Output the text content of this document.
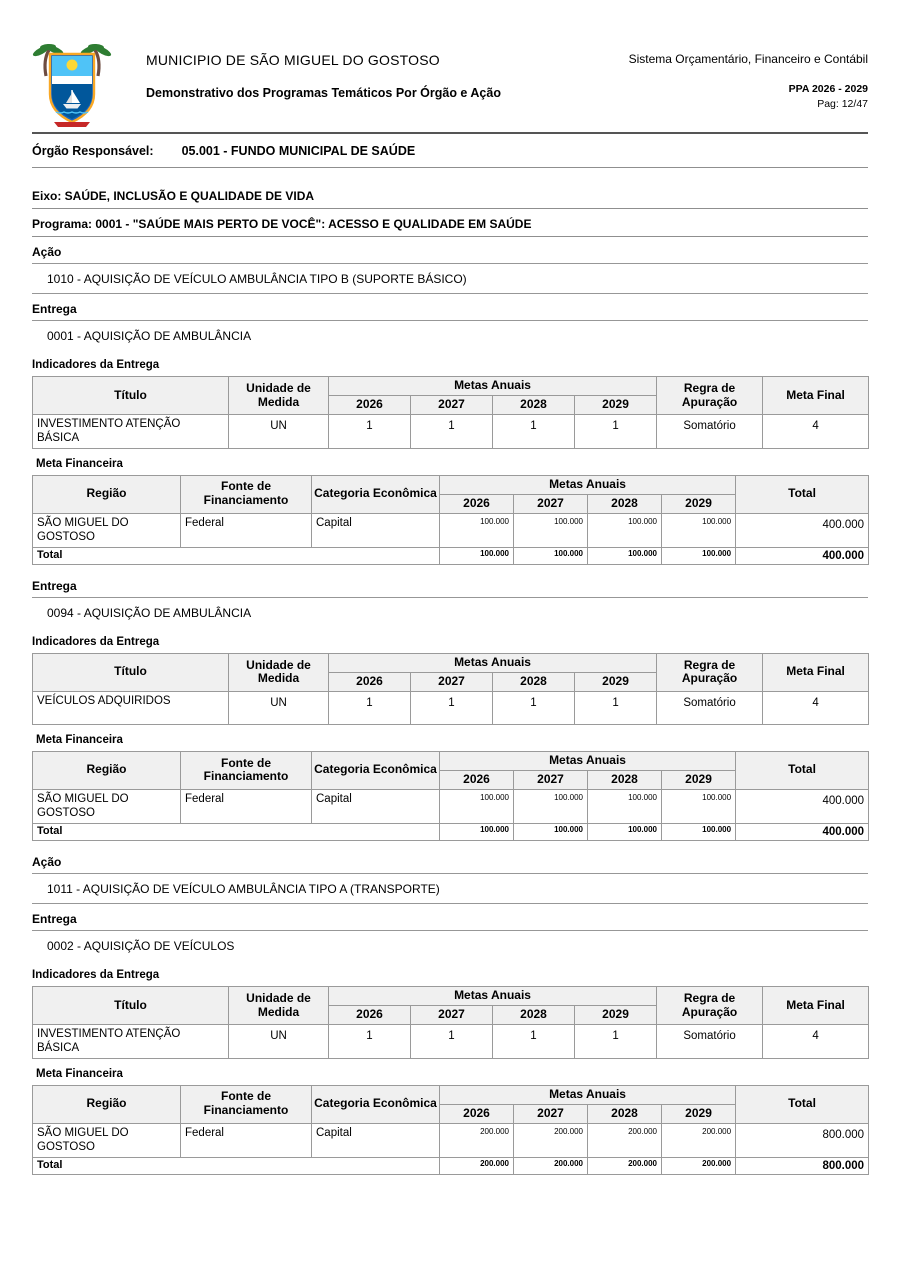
MUNICIPIO DE SÃO MIGUEL DO GOSTOSO
Demonstrativo dos Programas Temáticos Por Órgão e Ação
Sistema Orçamentário, Financeiro e Contábil
PPA 2026 - 2029
Pag: 12/47
Órgão Responsável: 05.001 - FUNDO MUNICIPAL DE SAÚDE
Eixo: SAÚDE, INCLUSÃO E QUALIDADE DE VIDA
Programa: 0001 - "SAÚDE MAIS PERTO DE VOCÊ": ACESSO E QUALIDADE EM SAÚDE
Ação
1010 - AQUISIÇÃO DE VEÍCULO AMBULÂNCIA TIPO B (SUPORTE BÁSICO)
Entrega
0001 - AQUISIÇÃO DE AMBULÂNCIA
Indicadores da Entrega
Título	Unidade de Medida	Metas Anuais				Regra de Apuração	Meta Final
		2026	2027	2028	2029		
INVESTIMENTO ATENÇÃO BÁSICA	UN	1	1	1	1	Somatório	4
Meta Financeira
Região	Fonte de Financiamento	Categoria Econômica	Metas Anuais				Total
			2026	2027	2028	2029	
SÃO MIGUEL DO GOSTOSO	Federal	Capital	100.000	100.000	100.000	100.000	400.000
Total			100.000	100.000	100.000	100.000	400.000
Entrega
0094 - AQUISIÇÃO DE AMBULÂNCIA
Indicadores da Entrega
Título	Unidade de Medida	Metas Anuais				Regra de Apuração	Meta Final
		2026	2027	2028	2029		
VEÍCULOS ADQUIRIDOS	UN	1	1	1	1	Somatório	4
Meta Financeira
Região	Fonte de Financiamento	Categoria Econômica	Metas Anuais				Total
			2026	2027	2028	2029	
SÃO MIGUEL DO GOSTOSO	Federal	Capital	100.000	100.000	100.000	100.000	400.000
Total			100.000	100.000	100.000	100.000	400.000
Ação
1011 - AQUISIÇÃO DE VEÍCULO AMBULÂNCIA TIPO A (TRANSPORTE)
Entrega
0002 - AQUISIÇÃO DE VEÍCULOS
Indicadores da Entrega
Título	Unidade de Medida	Metas Anuais				Regra de Apuração	Meta Final
		2026	2027	2028	2029		
INVESTIMENTO ATENÇÃO BÁSICA	UN	1	1	1	1	Somatório	4
Meta Financeira
Região	Fonte de Financiamento	Categoria Econômica	Metas Anuais				Total
			2026	2027	2028	2029	
SÃO MIGUEL DO GOSTOSO	Federal	Capital	200.000	200.000	200.000	200.000	800.000
Total			200.000	200.000	200.000	200.000	800.000
